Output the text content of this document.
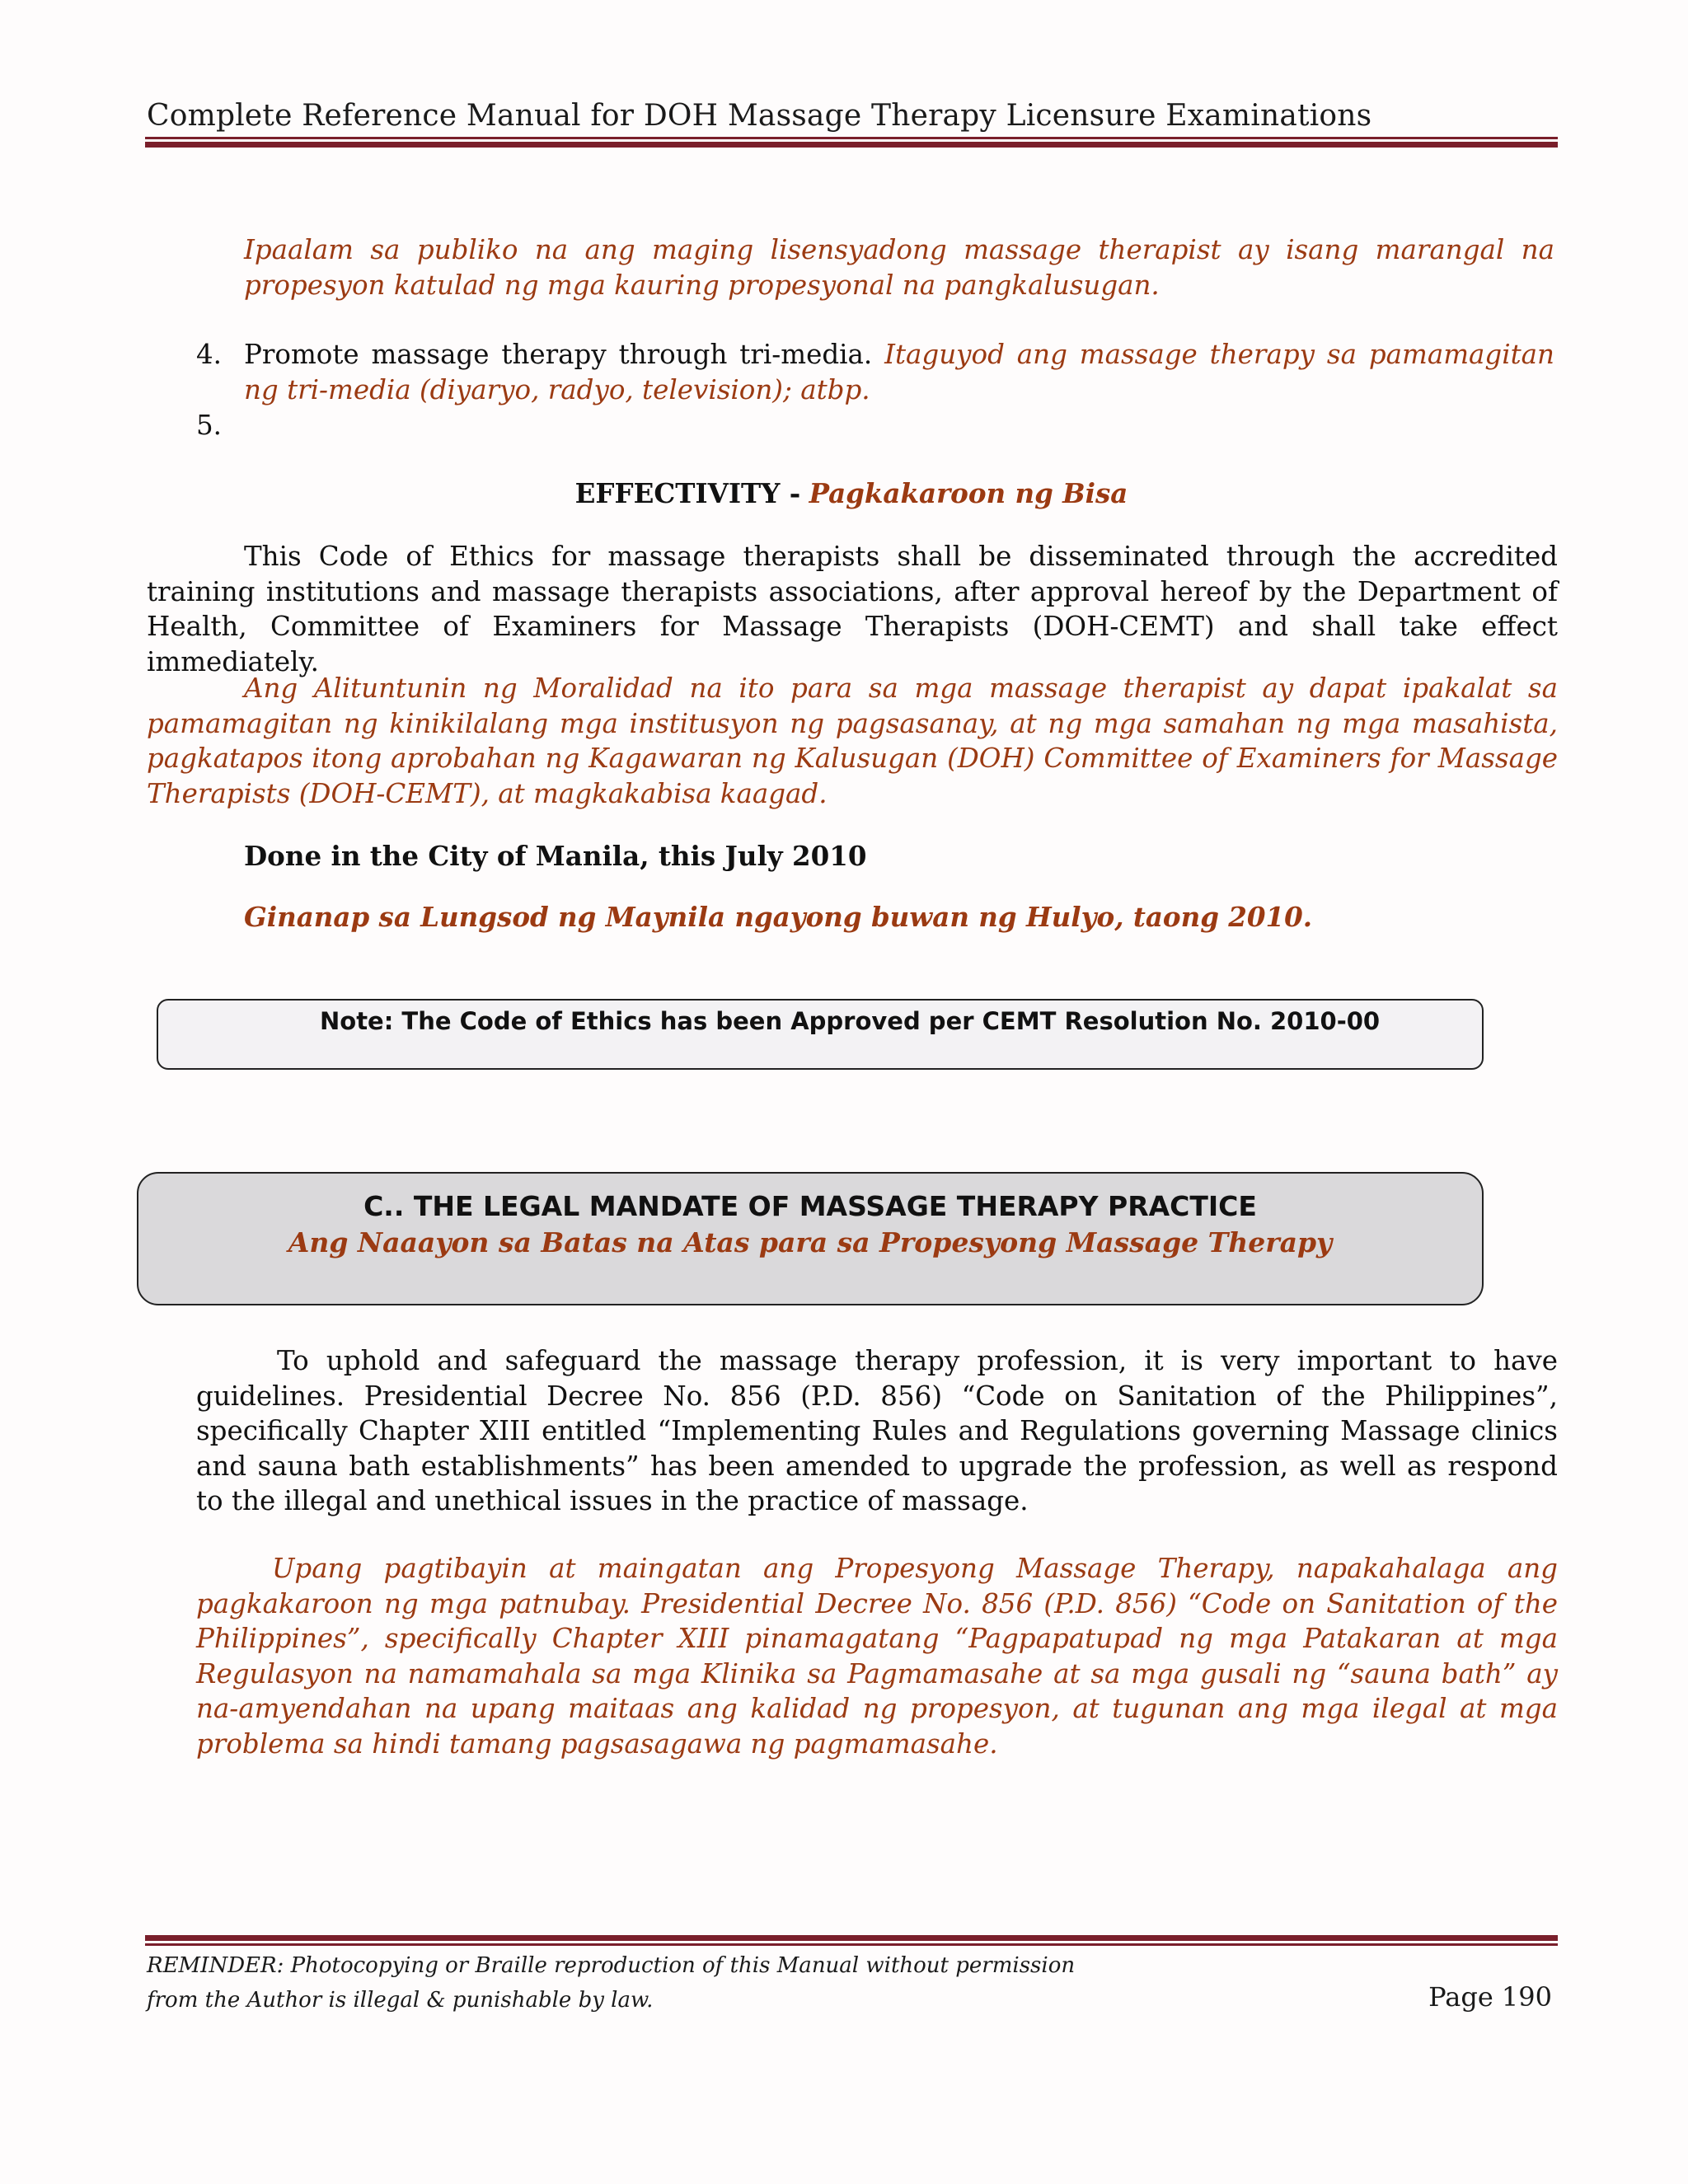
Complete Reference Manual for DOH Massage Therapy Licensure Examinations
Ipaalam sa publiko na ang maging lisensyadong massage therapist ay isang marangal na propesyon katulad ng mga kauring propesyonal na pangkalusugan.
4. Promote massage therapy through tri-media. Itaguyod ang massage therapy sa pamamagitan ng tri-media (diyaryo, radyo, television); atbp.
5.
EFFECTIVITY - Pagkakaroon ng Bisa
This Code of Ethics for massage therapists shall be disseminated through the accredited training institutions and massage therapists associations, after approval hereof by the Department of Health, Committee of Examiners for Massage Therapists (DOH-CEMT) and shall take effect immediately.
Ang Alituntunin ng Moralidad na ito para sa mga massage therapist ay dapat ipakalat sa pamamagitan ng kinikilalang mga institusyon ng pagsasanay, at ng mga samahan ng mga masahista, pagkatapos itong aprobahan ng Kagawaran ng Kalusugan (DOH) Committee of Examiners for Massage Therapists (DOH-CEMT), at magkakabisa kaagad.
Done in the City of Manila, this July 2010
Ginanap sa Lungsod ng Maynila ngayong buwan ng Hulyo, taong 2010.
Note: The Code of Ethics has been Approved per CEMT Resolution No. 2010-00
C.. THE LEGAL MANDATE OF MASSAGE THERAPY PRACTICE
Ang Naaayon sa Batas na Atas para sa Propesyong Massage Therapy
To uphold and safeguard the massage therapy profession, it is very important to have guidelines. Presidential Decree No. 856 (P.D. 856) “Code on Sanitation of the Philippines”, specifically Chapter XIII entitled “Implementing Rules and Regulations governing Massage clinics and sauna bath establishments” has been amended to upgrade the profession, as well as respond to the illegal and unethical issues in the practice of massage.
Upang pagtibayin at maingatan ang Propesyong Massage Therapy, napakahalaga ang pagkakaroon ng mga patnubay. Presidential Decree No. 856 (P.D. 856) “Code on Sanitation of the Philippines”, specifically Chapter XIII pinamagatang “Pagpapatupad ng mga Patakaran at mga Regulasyon na namamahala sa mga Klinika sa Pagmamasahe at sa mga gusali ng “sauna bath” ay na-amyendahan na upang maitaas ang kalidad ng propesyon, at tugunan ang mga ilegal at mga problema sa hindi tamang pagsasagawa ng pagmamasahe.
REMINDER: Photocopying or Braille reproduction of this Manual without permission
from the Author is illegal & punishable by law.	Page 190
